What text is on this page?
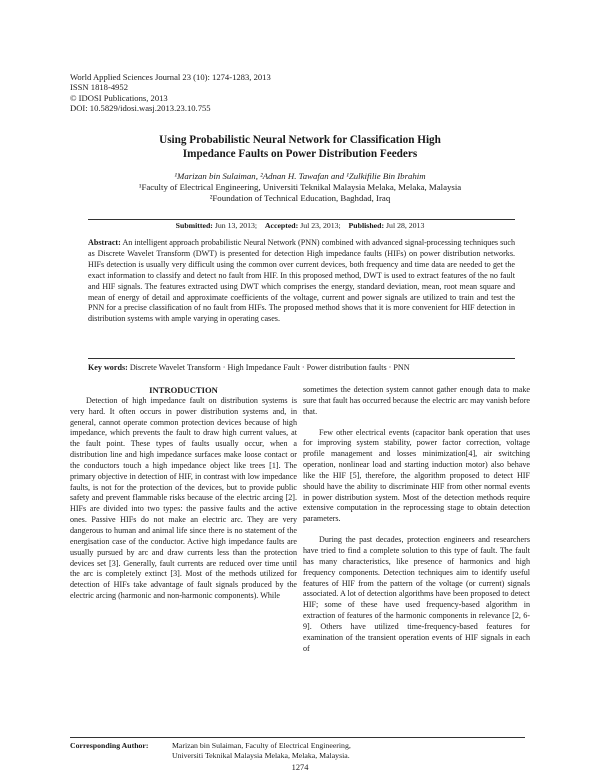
World Applied Sciences Journal 23 (10): 1274-1283, 2013
ISSN 1818-4952
© IDOSI Publications, 2013
DOI: 10.5829/idosi.wasj.2013.23.10.755
Using Probabilistic Neural Network for Classification High
Impedance Faults on Power Distribution Feeders
¹Marizan bin Sulaiman, ²Adnan H. Tawafan and ¹Zulkifilie Bin Ibrahim
¹Faculty of Electrical Engineering, Universiti Teknikal Malaysia Melaka, Melaka, Malaysia
²Foundation of Technical Education, Baghdad, Iraq
Submitted: Jun 13, 2013; Accepted: Jul 23, 2013; Published: Jul 28, 2013
Abstract: An intelligent approach probabilistic Neural Network (PNN) combined with advanced signal-processing techniques such as Discrete Wavelet Transform (DWT) is presented for detection High impedance faults (HIFs) on power distribution networks. HIFs detection is usually very difficult using the common over current devices, both frequency and time data are needed to get the exact information to classify and detect no fault from HIF. In this proposed method, DWT is used to extract features of the no fault and HIF signals. The features extracted using DWT which comprises the energy, standard deviation, mean, root mean square and mean of energy of detail and approximate coefficients of the voltage, current and power signals are utilized to train and test the PNN for a precise classification of no fault from HIFs. The proposed method shows that it is more convenient for HIF detection in distribution systems with ample varying in operating cases.
Key words: Discrete Wavelet Transform · High Impedance Fault · Power distribution faults · PNN

INTRODUCTION

Detection of high impedance fault on distribution systems is very hard. It often occurs in power distribution systems and, in general, cannot operate common protection devices because of high impedance, which prevents the fault to draw high current values, at the fault point. These types of faults usually occur, when a distribution line and high impedance surfaces make loose contact or the conductors touch a high impedance object like trees [1]. The primary objective in detection of HIF, in contrast with low impedance faults, is not for the protection of the devices, but to provide public safety and prevent flammable risks because of the electric arcing [2]. HIFs are divided into two types: the passive faults and the active ones. Passive HIFs do not make an electric arc. They are very dangerous to human and animal life since there is no statement of the energisation case of the conductor. Active high impedance faults are usually pursued by arc and draw currents less than the protection devices set [3]. Generally, fault currents are reduced over time until the arc is completely extinct [3]. Most of the methods utilized for detection of HIFs take advantage of fault signals produced by the electric arcing (harmonic and non-harmonic components). While

sometimes the detection system cannot gather enough data to make sure that fault has occurred because the electric arc may vanish before that.

Few other electrical events (capacitor bank operation that uses for improving system stability, power factor correction, voltage profile management and losses minimization[4], air switching operation, nonlinear load and starting induction motor) also behave like the HIF [5], therefore, the algorithm proposed to detect HIF should have the ability to discriminate HIF from other normal events in power distribution system. Most of the detection methods require extensive computation in the reprocessing stage to obtain detection parameters.

During the past decades, protection engineers and researchers have tried to find a complete solution to this type of fault. The fault has many characteristics, like presence of harmonics and high frequency components. Detection techniques aim to identify useful features of HIF from the pattern of the voltage (or current) signals associated. A lot of detection algorithms have been proposed to detect HIF; some of these have used frequency-based algorithm in extraction of features of the harmonic components in relevance [2, 6-9]. Others have utilized time-frequency-based features for examination of the transient operation events of HIF signals in each of

Corresponding Author:	Marizan bin Sulaiman, Faculty of Electrical Engineering,
Universiti Teknikal Malaysia Melaka, Melaka, Malaysia.
1274
